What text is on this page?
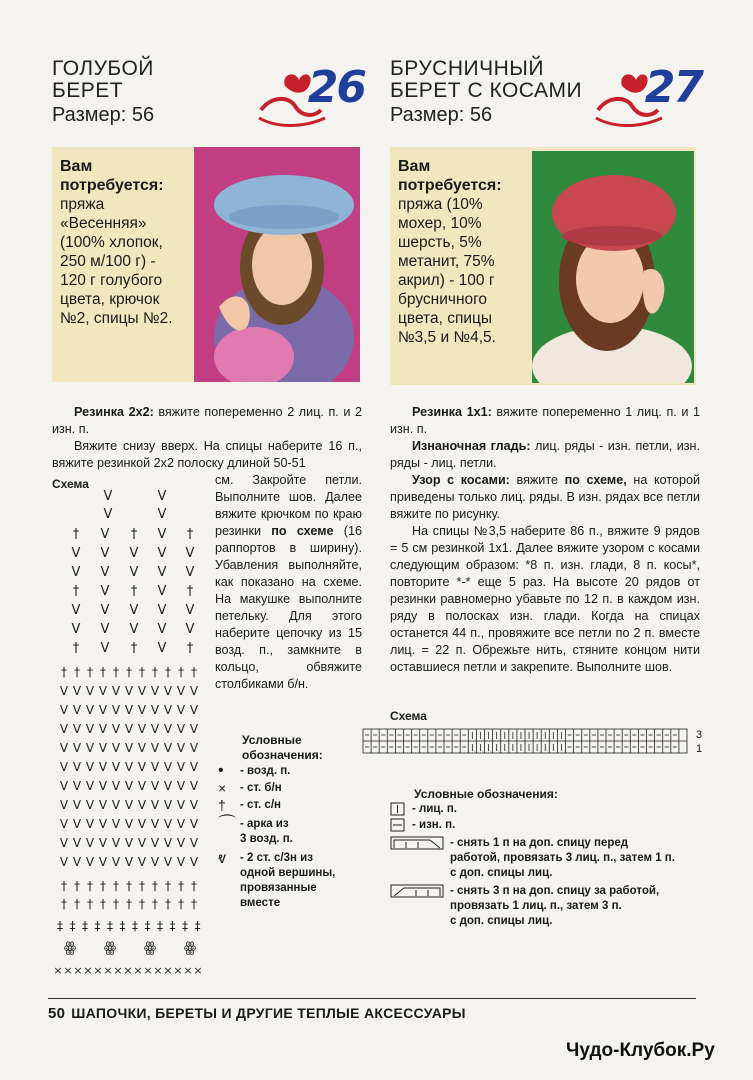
ГОЛУБОЙ
БЕРЕТ
Размер: 56
26 БРУСНИЧНЫЙ
БЕРЕТ С КОСАМИ
Размер: 56
27
Вам
потребуется:
пряжа
«Весенняя»
(100% хлопок,
250 м/100 г) -
120 г голубого
цвета, крючок
№2, спицы №2.
Вам
потребуется:
пряжа (10%
мохер, 10%
шерсть, 5%
метанит, 75%
акрил) - 100 г
брусничного
цвета, спицы
№3,5 и №4,5.

Резинка 2х2: вяжите попеременно 2 лиц. п. и 2 изн. п.

Вяжите снизу вверх. На спицы наберите 16 п., вяжите резинкой 2х2 полоску длиной 50-51

см. Закройте петли. Выполните шов. Далее вяжите крючком по краю резинки по схеме (16 раппортов в ширину). Убавления выполняйте, как показано на схеме. На макушке выполните петельку. Для этого наберите цепочку из 15 возд. п., замкните в кольцо, обвяжите столбиками б/н.

Схема
V	V
V	V
† V † V †
V V V V V
V V V V V
† V † V †
V V V V V
V V V V V
† V † V †
† † † † † † † † † † †
V V V V V V V V V V V
V V V V V V V V V V V
V V V V V V V V V V V
V V V V V V V V V V V
V V V V V V V V V V V
V V V V V V V V V V V
V V V V V V V V V V V
V V V V V V V V V V V
V V V V V V V V V V V
V V V V V V V V V V V
† † † † † † † † † † †
† † † † † † † † † † †
‡ ‡ ‡ ‡ ‡ ‡ ‡ ‡ ‡ ‡ ‡ ‡
ꙮ ꙮ ꙮ ꙮ
× × × × × × × × × × × × × × ×
Условные
обозначения:
•	- возд. п.
×	- ст. б/н
†	- ст. с/н
⌒ - арка из
3 возд. п.
ⱴ	- 2 ст. с/3н из
одной вершины,
провязанные
вместе

Резинка 1х1: вяжите попеременно 1 лиц. п. и 1 изн. п.

Изнаночная гладь: лиц. ряды - изн. петли, изн. ряды - лиц. петли.

Узор с косами: вяжите по схеме, на которой приведены только лиц. ряды. В изн. рядах все петли вяжите по рисунку.

На спицы №3,5 наберите 86 п., вяжите 9 рядов = 5 см резинкой 1х1. Далее вяжите узором с косами следующим образом: *8 п. изн. глади, 8 п. косы*, повторите *-* еще 5 раз. На высоте 20 рядов от резинки равномерно убавьте по 12 п. в каждом изн. ряду в полосках изн. глади. Когда на спицах останется 44 п., провяжите все петли по 2 п. вместе лиц. = 22 п. Обрежьте нить, стяните концом нити оставшиеся петли и закрепите. Выполните шов.

Схема
3
1
Условные обозначения:
- лиц. п.
- изн. п.
- снять 1 п на доп. спицу перед
работой, провязать 3 лиц. п., затем 1 п.
с доп. спицы лиц.
- снять 3 п на доп. спицу за работой, провязать 1 лиц. п., затем 3 п.
с доп. спицы лиц.
50 ШАПОЧКИ, БЕРЕТЫ И ДРУГИЕ ТЕПЛЫЕ АКСЕССУАРЫ
Чудо-Клубок.Ру
